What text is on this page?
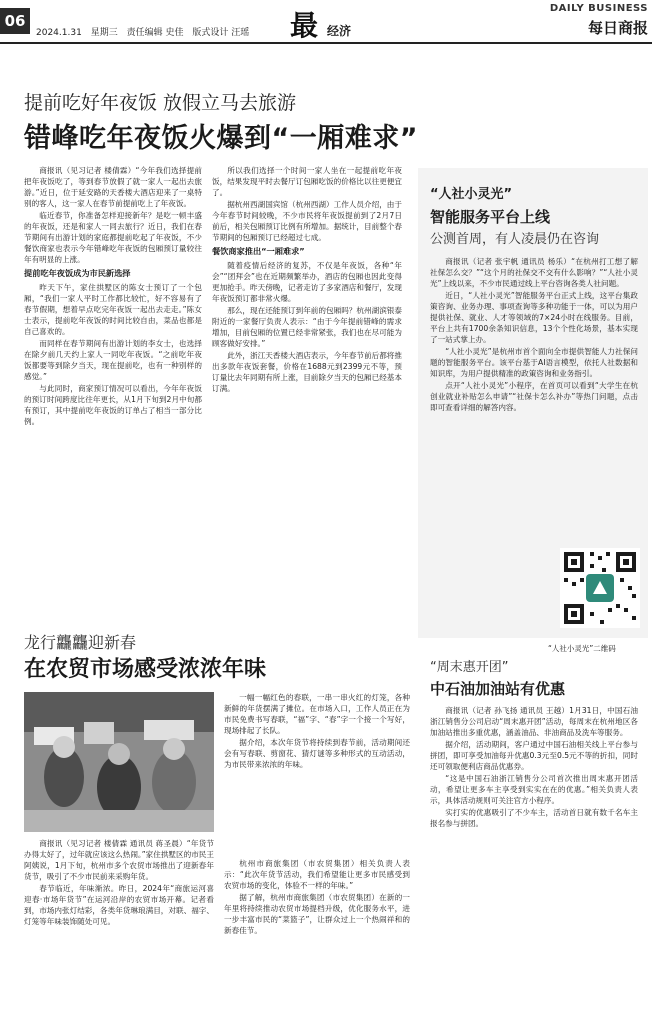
06
2024.1.31 星期三 责任编辑 史佳 版式设计 汪瑶 最 经济
DAILY BUSINESS
每日商报
提前吃好年夜饭 放假立马去旅游
错峰吃年夜饭火爆到“一厢难求”

商报讯（见习记者 楼倩霖）“今年我们选择提前把年夜饭吃了，等到春节放假了就一家人一起出去旅游。”近日，位于延安路的天香楼大酒店迎来了一桌特别的客人，这一家人在春节前提前吃上了年夜饭。

临近春节，你准备怎样迎接新年？是吃一顿丰盛的年夜饭，还是和家人一同去旅行？近日，我们在春节期间有出游计划的家庭都提前吃起了年夜饭，不少餐饮商家也表示今年错峰吃年夜饭的包厢预订量较往年有明显的上涨。

提前吃年夜饭成为市民新选择

昨天下午，家住拱墅区的陈女士预订了一个包厢，“我们一家人平时工作都比较忙，好不容易有了春节假期，想着早点吃完年夜饭一起出去走走。”陈女士表示，提前吃年夜饭的时间比较自由，菜品也都是自己喜欢的。

而同样在春节期间有出游计划的李女士，也选择在除夕前几天约上家人一同吃年夜饭。“之前吃年夜饭都要等到除夕当天，现在提前吃，也有一种别样的感觉。”

与此同时，商家预订情况可以看出，今年年夜饭的预订时间跨度比往年更长，从1月下旬到2月中旬都有预订，其中提前吃年夜饭的订单占了相当一部分比例。

所以我们选择一个时间一家人坐在一起提前吃年夜饭，结果发现平时去餐厅订包厢吃饭的价格比以往更便宜了。

据杭州西湖国宾馆（杭州西湖）工作人员介绍，由于今年春节时间较晚，不少市民将年夜饭提前到了2月7日前后，相关包厢预订比例有所增加。据统计，目前整个春节期间的包厢预订已经超过七成。

餐饮商家推出“一厢难求”

随着疫情后经济的复苏，不仅是年夜饭，各种“年会”“团拜会”也在近期频繁举办，酒店的包厢也因此变得更加抢手。昨天傍晚，记者走访了多家酒店和餐厅，发现年夜饭预订都非常火爆。

那么，现在还能预订到年前的包厢吗？杭州湖滨银泰附近的一家餐厅负责人表示：“由于今年提前错峰的需求增加，目前包厢的位置已经非常紧张，我们也在尽可能为顾客做好安排。”

此外，浙江天香楼大酒店表示，今年春节前后都将推出多款年夜饭套餐，价格在1688元到2399元不等，预订量比去年同期有所上涨，目前除夕当天的包厢已经基本订满。

“人社小灵光”
智能服务平台上线
公测首周，有人凌晨仍在咨询

商报讯（记者 张宇帆 通讯员 杨乐）“在杭州打工想了解社保怎么交？”“这个月的社保交不交有什么影响？”“人社小灵光”上线以来，不少市民通过线上平台咨询各类人社问题。

近日，“人社小灵光”智能服务平台正式上线，这平台集政策咨询、业务办理、事项查询等多种功能于一体，可以为用户提供社保、就业、人才等领域的7×24小时在线服务。目前，平台上共有1700余条知识信息，13个个性化场景，基本实现了一站式掌上办。

“人社小灵光”是杭州市首个面向全市提供智能人力社保问题的智能服务平台。该平台基于AI语言模型，依托人社数据和知识库，为用户提供精准的政策咨询和业务指引。

点开“人社小灵光”小程序，在首页可以看到“大学生在杭创业就业补贴怎么申请”“社保卡怎么补办”等热门问题，点击即可查看详细的解答内容。

“人社小灵光”二维码
龙行龘龘迎新春
在农贸市场感受浓浓年味

商报讯（见习记者 楼倩霖 通讯员 蒋圣晨）“年货节办得太好了，过年就应该这么热闹。”家住拱墅区的市民王阿姨说，1月下旬，杭州市多个农贸市场推出了迎新春年货节，吸引了不少市民前来采购年货。

春节临近，年味渐浓。昨日，2024年“商旅运河喜迎春·市场年货节”在运河沿岸的农贸市场开幕。记者看到，市场内张灯结彩，各类年货琳琅满目，对联、福字、灯笼等年味装饰随处可见。

一幅一幅红色的春联，一串一串火红的灯笼，各种新鲜的年货摆满了摊位。在市场入口，工作人员正在为市民免费书写春联，“福”字、“春”字一个接一个写好，现场排起了长队。

据介绍，本次年货节将持续到春节前，活动期间还会有写春联、剪窗花、猜灯谜等多种形式的互动活动，为市民带来浓浓的年味。

杭州市商旅集团（市农贸集团）相关负责人表示：“此次年货节活动，我们希望能让更多市民感受到农贸市场的变化，体验不一样的年味。”

据了解，杭州市商旅集团（市农贸集团）在新的一年里将持续推动农贸市场提档升级，优化服务水平，进一步丰富市民的“菜篮子”，让群众过上一个热闹祥和的新春佳节。

“周末惠开团”
中石油加油站有优惠

商报讯（记者 孙飞扬 通讯员 王越）1月31日，中国石油浙江销售分公司启动“周末惠开团”活动，每周末在杭州地区各加油站推出多重优惠，涵盖油品、非油商品及洗车等服务。

据介绍，活动期间，客户通过中国石油相关线上平台参与拼团，即可享受加油每升优惠0.3元至0.5元不等的折扣，同时还可领取便利店商品优惠券。

“这是中国石油浙江销售分公司首次推出周末惠开团活动，希望让更多车主享受到实实在在的优惠。”相关负责人表示，具体活动规则可关注官方小程序。

实打实的优惠吸引了不少车主，活动首日就有数千名车主报名参与拼团。
